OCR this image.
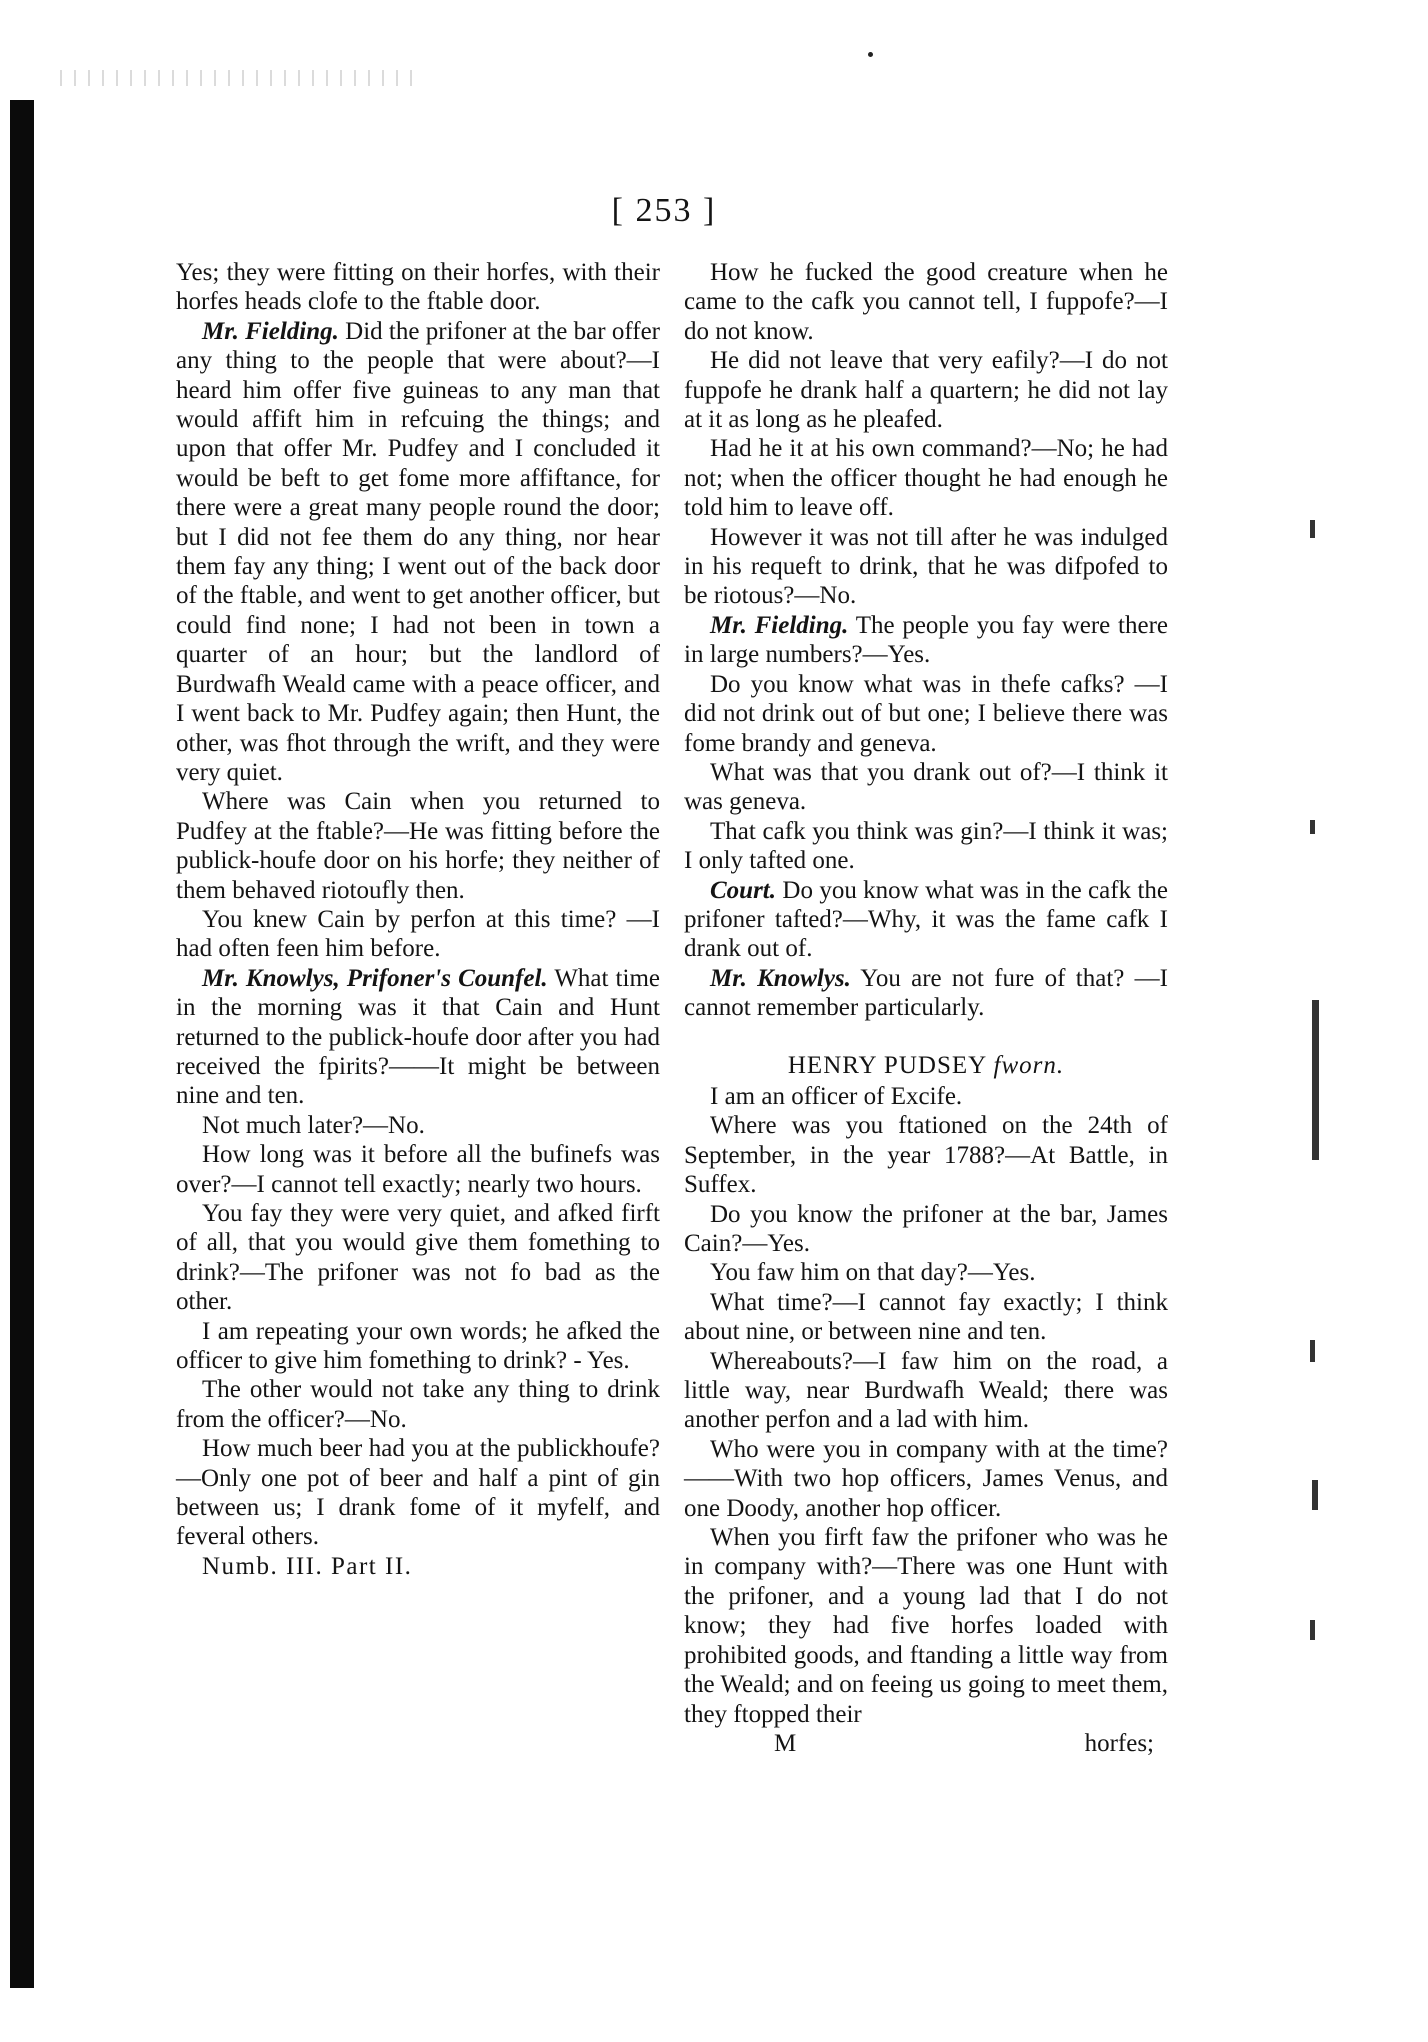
[ 253 ]

Yes; they were fitting on their horfes, with their horfes heads clofe to the ftable door.

Mr. Fielding. Did the prifoner at the bar offer any thing to the people that were about?—I heard him offer five guineas to any man that would affift him in refcuing the things; and upon that offer Mr. Pudfey and I concluded it would be beft to get fome more affiftance, for there were a great many people round the door; but I did not fee them do any thing, nor hear them fay any thing; I went out of the back door of the ftable, and went to get another officer, but could find none; I had not been in town a quarter of an hour; but the landlord of Burdwafh Weald came with a peace officer, and I went back to Mr. Pudfey again; then Hunt, the other, was fhot through the wrift, and they were very quiet.

Where was Cain when you returned to Pudfey at the ftable?—He was fitting before the publick-houfe door on his horfe; they neither of them behaved riotoufly then.

You knew Cain by perfon at this time? —I had often feen him before.

Mr. Knowlys, Prifoner's Counfel. What time in the morning was it that Cain and Hunt returned to the publick-houfe door after you had received the fpirits?——It might be between nine and ten.

Not much later?—No.

How long was it before all the bufinefs was over?—I cannot tell exactly; nearly two hours.

You fay they were very quiet, and afked firft of all, that you would give them fomething to drink?—The prifoner was not fo bad as the other.

I am repeating your own words; he afked the officer to give him fomething to drink? - Yes.

The other would not take any thing to drink from the officer?—No.

How much beer had you at the publickhoufe?—Only one pot of beer and half a pint of gin between us; I drank fome of it myfelf, and feveral others.

Numb. III. Part II.

How he fucked the good creature when he came to the cafk you cannot tell, I fuppofe?—I do not know.

He did not leave that very eafily?—I do not fuppofe he drank half a quartern; he did not lay at it as long as he pleafed.

Had he it at his own command?—No; he had not; when the officer thought he had enough he told him to leave off.

However it was not till after he was indulged in his requeft to drink, that he was difpofed to be riotous?—No.

Mr. Fielding. The people you fay were there in large numbers?—Yes.

Do you know what was in thefe cafks? —I did not drink out of but one; I believe there was fome brandy and geneva.

What was that you drank out of?—I think it was geneva.

That cafk you think was gin?—I think it was; I only tafted one.

Court. Do you know what was in the cafk the prifoner tafted?—Why, it was the fame cafk I drank out of.

Mr. Knowlys. You are not fure of that? —I cannot remember particularly.

HENRY PUDSEY fworn.

I am an officer of Excife.

Where was you ftationed on the 24th of September, in the year 1788?—At Battle, in Suffex.

Do you know the prifoner at the bar, James Cain?—Yes.

You faw him on that day?—Yes.

What time?—I cannot fay exactly; I think about nine, or between nine and ten.

Whereabouts?—I faw him on the road, a little way, near Burdwafh Weald; there was another perfon and a lad with him.

Who were you in company with at the time?——With two hop officers, James Venus, and one Doody, another hop officer.

When you firft faw the prifoner who was he in company with?—There was one Hunt with the prifoner, and a young lad that I do not know; they had five horfes loaded with prohibited goods, and ftanding a little way from the Weald; and on feeing us going to meet them, they ftopped their

M	horfes;
